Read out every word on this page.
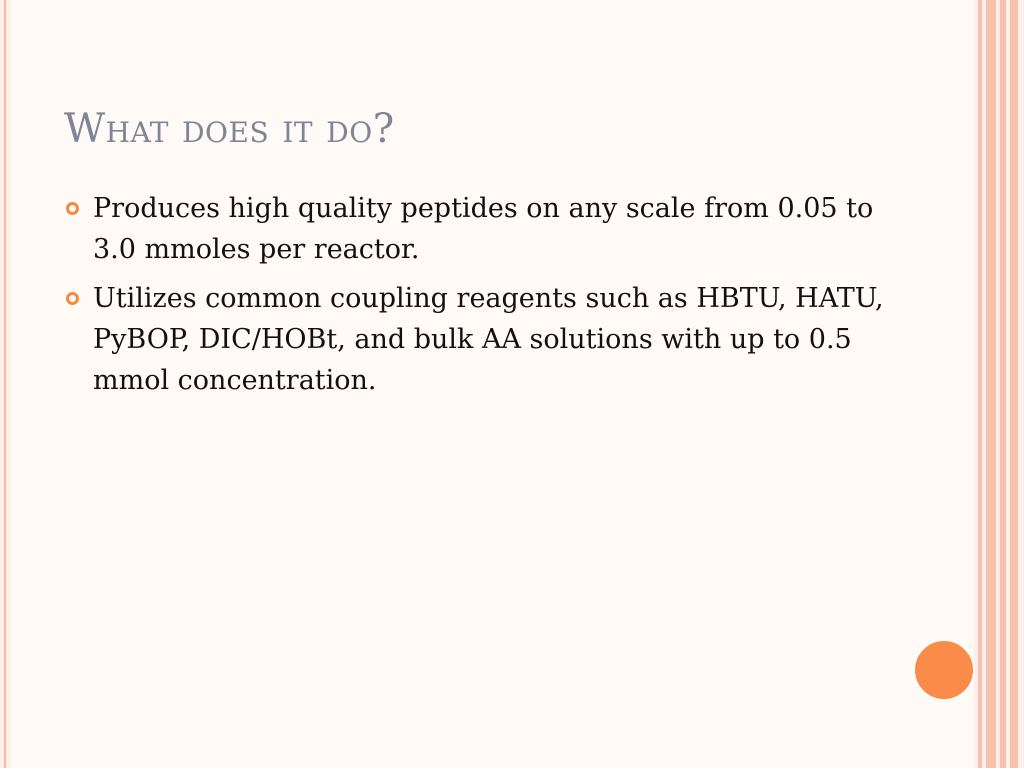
What does it do?
Produces high quality peptides on any scale from 0.05 to 3.0 mmoles per reactor.
Utilizes common coupling reagents such as HBTU, HATU, PyBOP, DIC/HOBt, and bulk AA solutions with up to 0.5 mmol concentration.
